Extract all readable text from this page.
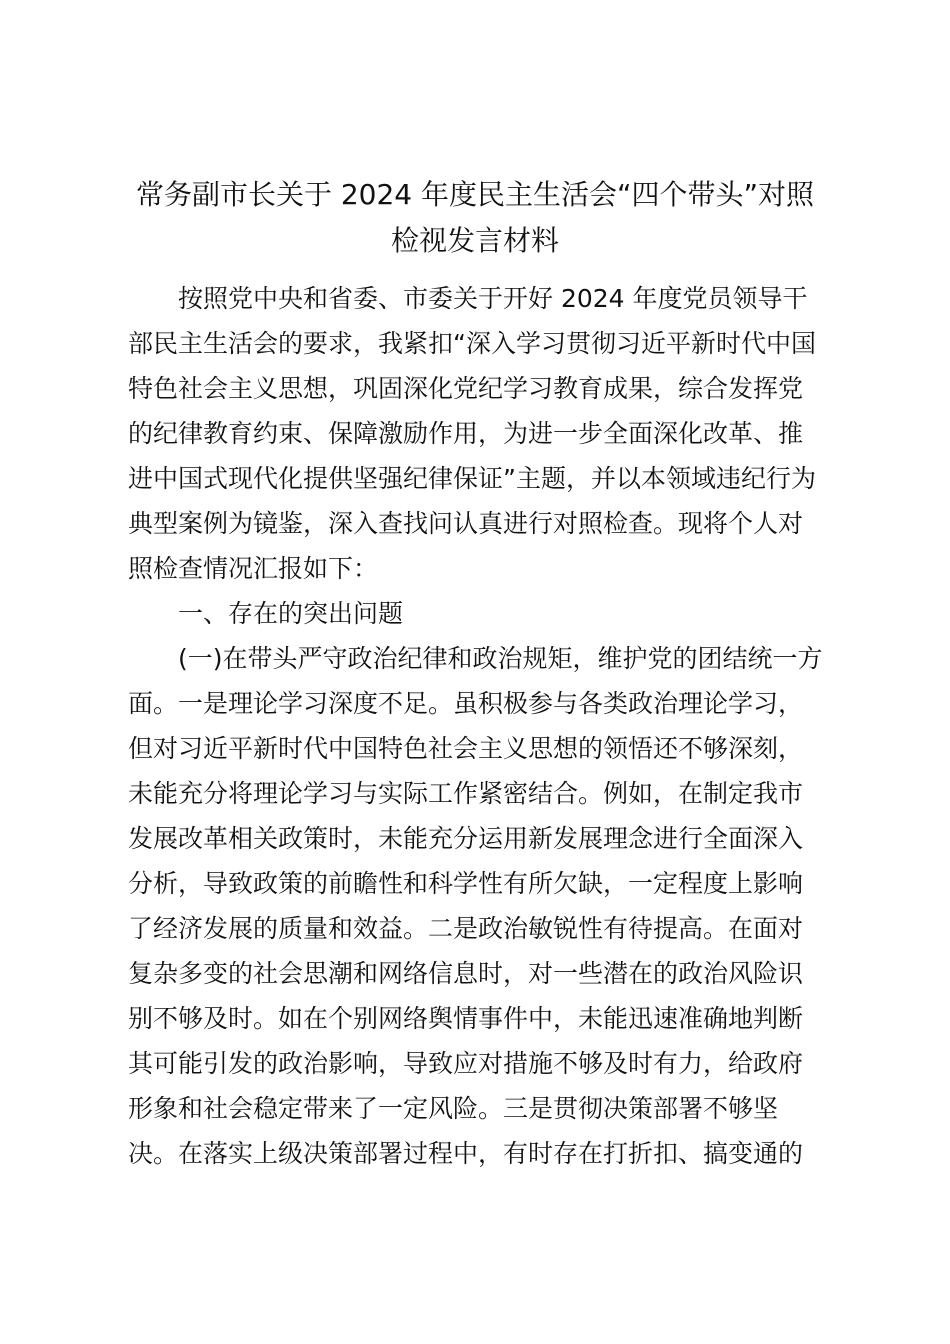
常务副市长关于 2024 年度民主生活会“四个带头”对照
检视发言材料
按照党中央和省委、市委关于开好 2024 年度党员领导干
部民主生活会的要求，我紧扣“深入学习贯彻习近平新时代中国
特色社会主义思想，巩固深化党纪学习教育成果，综合发挥党
的纪律教育约束、保障激励作用，为进一步全面深化改革、推
进中国式现代化提供坚强纪律保证”主题，并以本领域违纪行为
典型案例为镜鉴，深入查找问认真进行对照检查。现将个人对
照检查情况汇报如下：
一、存在的突出问题
(一)在带头严守政治纪律和政治规矩，维护党的团结统一方
面。一是理论学习深度不足。虽积极参与各类政治理论学习，
但对习近平新时代中国特色社会主义思想的领悟还不够深刻，
未能充分将理论学习与实际工作紧密结合。例如，在制定我市
发展改革相关政策时，未能充分运用新发展理念进行全面深入
分析，导致政策的前瞻性和科学性有所欠缺，一定程度上影响
了经济发展的质量和效益。二是政治敏锐性有待提高。在面对
复杂多变的社会思潮和网络信息时，对一些潜在的政治风险识
别不够及时。如在个别网络舆情事件中，未能迅速准确地判断
其可能引发的政治影响，导致应对措施不够及时有力，给政府
形象和社会稳定带来了一定风险。三是贯彻决策部署不够坚
决。在落实上级决策部署过程中，有时存在打折扣、搞变通的
